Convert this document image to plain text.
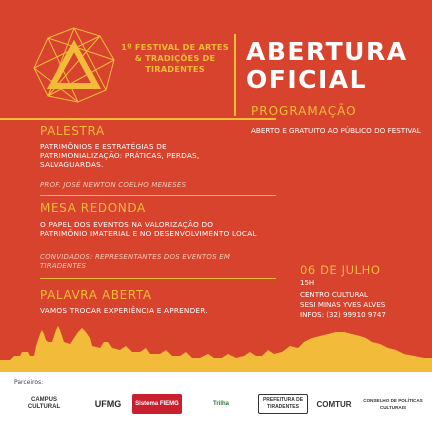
1º FESTIVAL DE ARTES & TRADIÇÕES DE TIRADENTES
ABERTURA
OFICIAL
PROGRAMAÇÃO
ABERTO E GRATUITO AO PÚBLICO DO FESTIVAL
PALESTRA
PATRIMÔNIOS E ESTRATÉGIAS DE PATRIMONIALIZAÇÃO: PRÁTICAS, PERDAS, SALVAGUARDAS.
PROF. JOSÉ NEWTON COELHO MENESES
MESA REDONDA
O PAPEL DOS EVENTOS NA VALORIZAÇÃO DO PATRIMÔNIO IMATERIAL E NO DESENVOLVIMENTO LOCAL
CONVIDADOS: REPRESENTANTES DOS EVENTOS EM TIRADENTES
PALAVRA ABERTA
VAMOS TROCAR EXPERIÊNCIA E APRENDER.
06 DE JULHO
15H
CENTRO CULTURAL
SESI MINAS YVES ALVES
INFOS: (32) 99910 9747
Parceiros:
CAMPUS CULTURAL	UFMG	Sistema FIEMG	Trilha
PREFEITURA DE TIRADENTES	COMTUR	CONSELHO DE POLÍTICAS CULTURAIS
